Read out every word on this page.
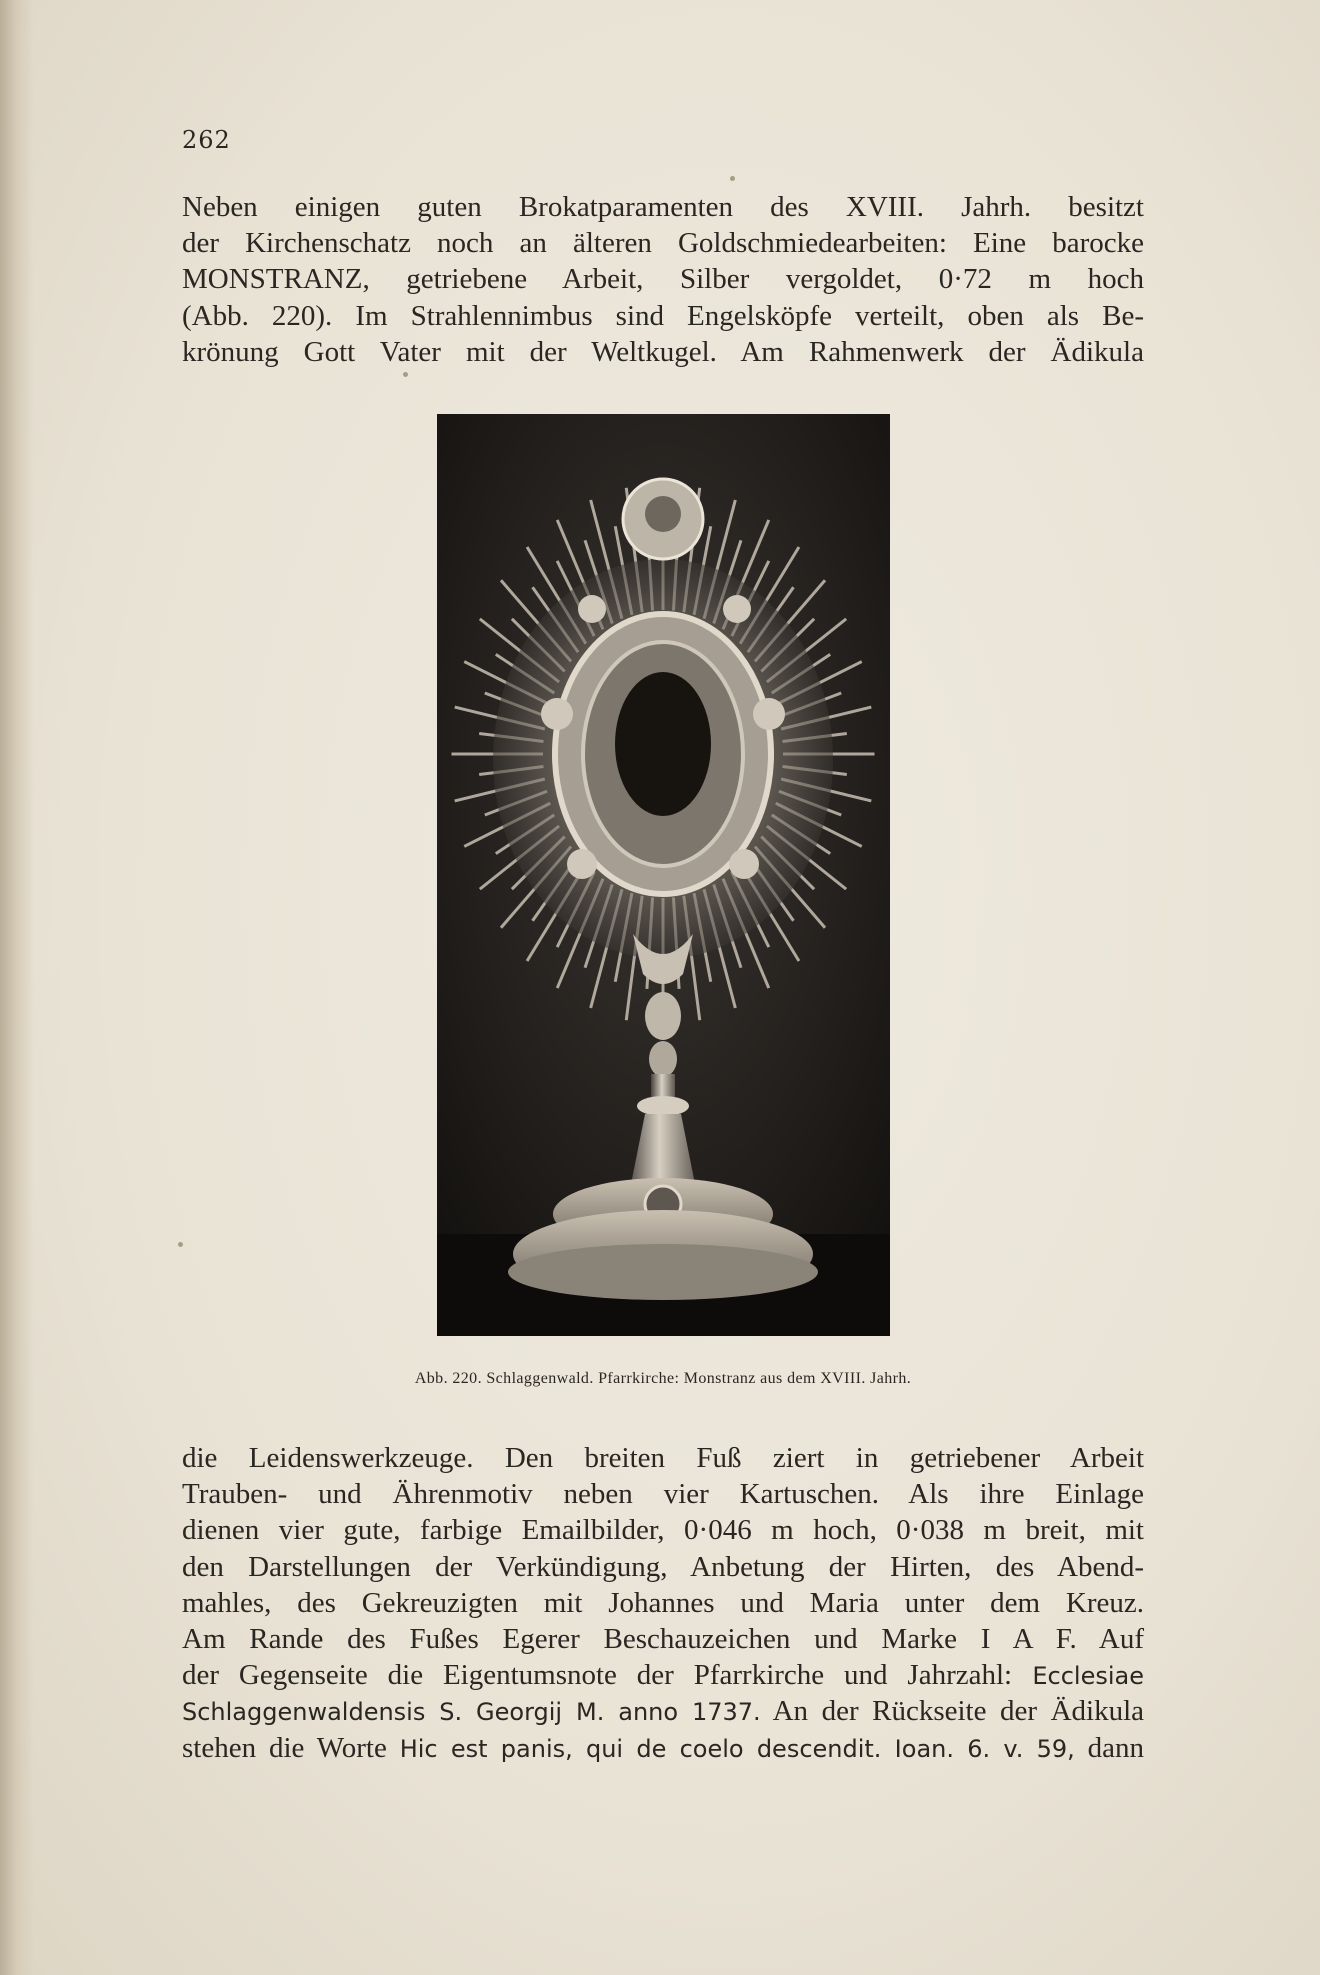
262
Neben einigen guten Brokatparamenten des XVIII. Jahrh. besitzt
der Kirchenschatz noch an älteren Goldschmiedearbeiten: Eine barocke
MONSTRANZ, getriebene Arbeit, Silber vergoldet, 0·72 m hoch
(Abb. 220). Im Strahlennimbus sind Engelsköpfe verteilt, oben als Be-
krönung Gott Vater mit der Weltkugel. Am Rahmenwerk der Ädikula
Abb. 220. Schlaggenwald. Pfarrkirche: Monstranz aus dem XVIII. Jahrh.
die Leidenswerkzeuge. Den breiten Fuß ziert in getriebener Arbeit
Trauben- und Ährenmotiv neben vier Kartuschen. Als ihre Einlage
dienen vier gute, farbige Emailbilder, 0·046 m hoch, 0·038 m breit, mit
den Darstellungen der Verkündigung, Anbetung der Hirten, des Abend-
mahles, des Gekreuzigten mit Johannes und Maria unter dem Kreuz.
Am Rande des Fußes Egerer Beschauzeichen und Marke I A F. Auf
der Gegenseite die Eigentumsnote der Pfarrkirche und Jahrzahl: Ecclesiae
Schlaggenwaldensis S. Georgij M. anno 1737. An der Rückseite der Ädikula
stehen die Worte Hic est panis, qui de coelo descendit. Ioan. 6. v. 59, dann
